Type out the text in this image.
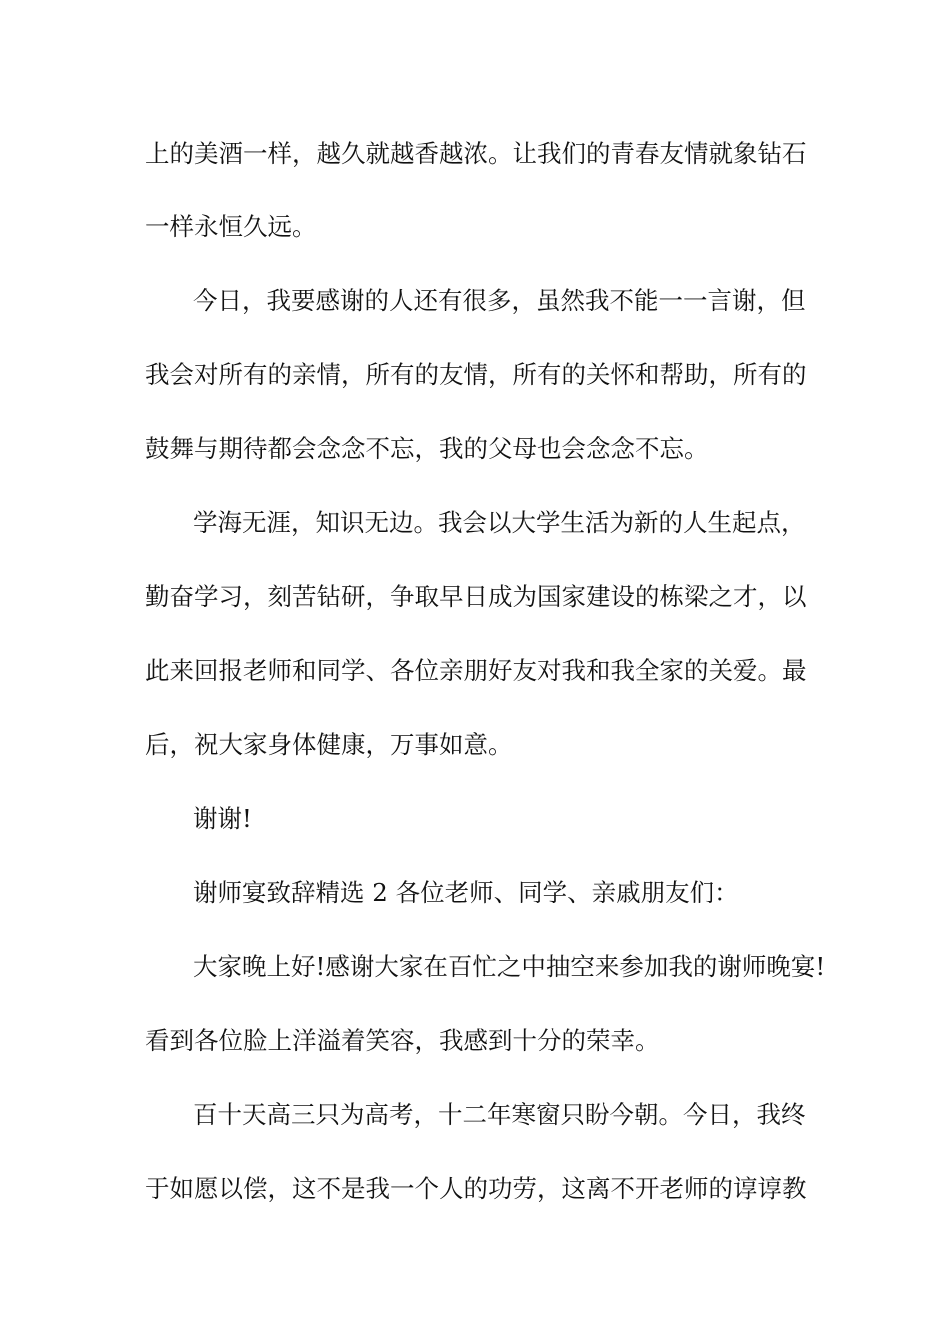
上的美酒一样，越久就越香越浓。让我们的青春友情就象钻石
一样永恒久远。
今日，我要感谢的人还有很多，虽然我不能一一言谢，但
我会对所有的亲情，所有的友情，所有的关怀和帮助，所有的
鼓舞与期待都会念念不忘，我的父母也会念念不忘。
学海无涯，知识无边。我会以大学生活为新的人生起点，
勤奋学习，刻苦钻研，争取早日成为国家建设的栋梁之才，以
此来回报老师和同学、各位亲朋好友对我和我全家的关爱。最
后，祝大家身体健康，万事如意。
谢谢!
谢师宴致辞精选 2 各位老师、同学、亲戚朋友们：
大家晚上好!感谢大家在百忙之中抽空来参加我的谢师晚宴!
看到各位脸上洋溢着笑容，我感到十分的荣幸。
百十天高三只为高考，十二年寒窗只盼今朝。今日，我终
于如愿以偿，这不是我一个人的功劳，这离不开老师的谆谆教
